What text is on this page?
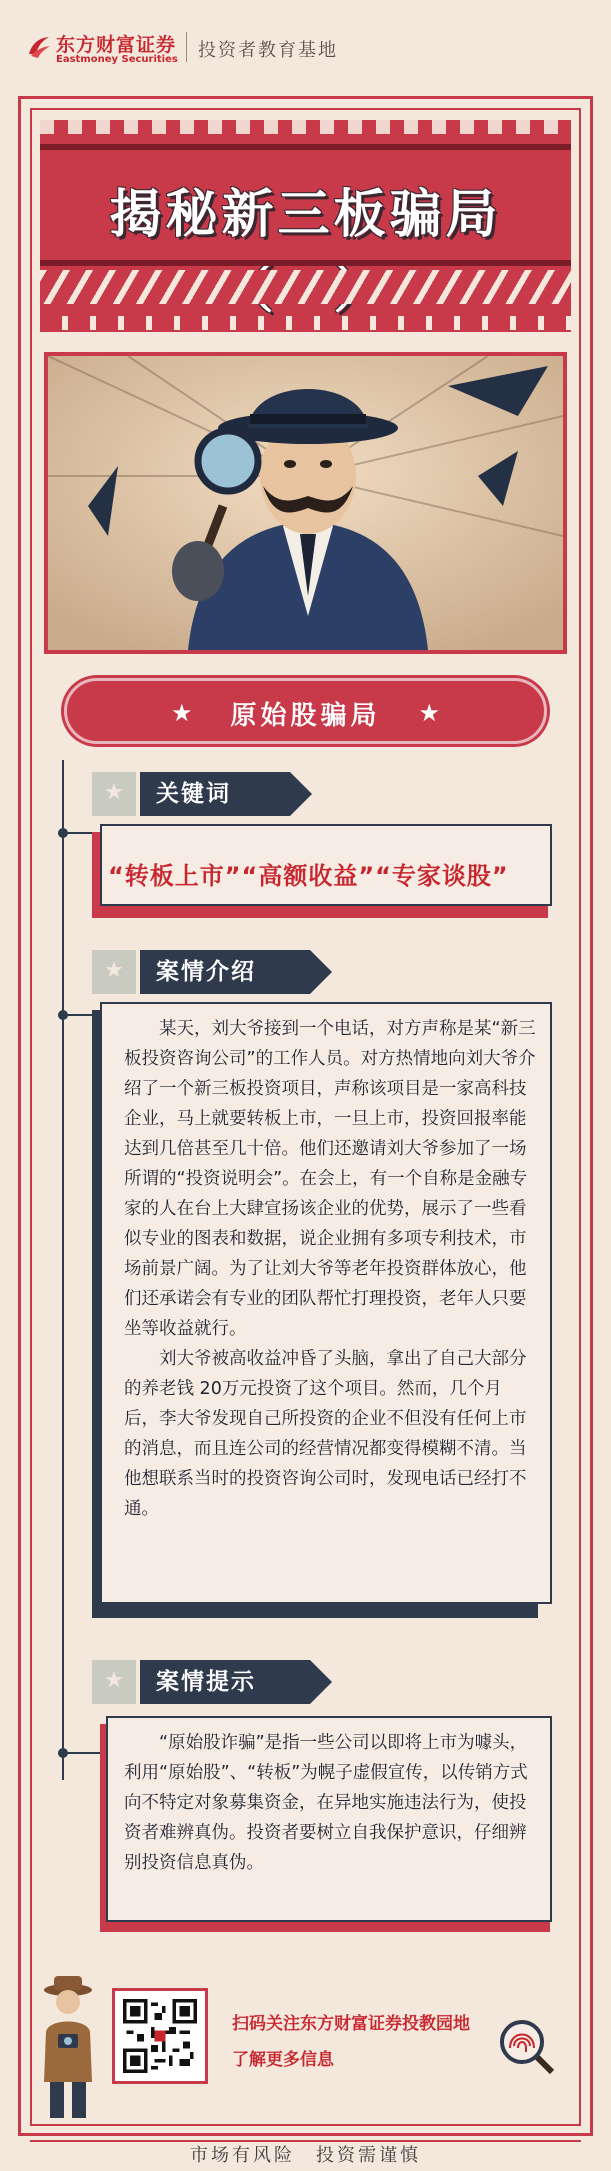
东方财富证券
Eastmoney Securities 投资者教育基地
揭秘新三板骗局
★	原始股骗局	★
★	关键词
“转板上市”“高额收益”“专家谈股”
★	案情介绍

某天，刘大爷接到一个电话，对方声称是某“新三板投资咨询公司”的工作人员。对方热情地向刘大爷介绍了一个新三板投资项目，声称该项目是一家高科技企业，马上就要转板上市，一旦上市，投资回报率能达到几倍甚至几十倍。他们还邀请刘大爷参加了一场所谓的“投资说明会”。在会上，有一个自称是金融专家的人在台上大肆宣扬该企业的优势，展示了一些看似专业的图表和数据，说企业拥有多项专利技术，市场前景广阔。为了让刘大爷等老年投资群体放心，他们还承诺会有专业的团队帮忙打理投资，老年人只要坐等收益就行。

刘大爷被高收益冲昏了头脑，拿出了自己大部分的养老钱 20万元投资了这个项目。然而，几个月后，李大爷发现自己所投资的企业不但没有任何上市的消息，而且连公司的经营情况都变得模糊不清。当他想联系当时的投资咨询公司时，发现电话已经打不通。

★	案情提示

“原始股诈骗”是指一些公司以即将上市为噱头，利用“原始股”、“转板”为幌子虚假宣传，以传销方式向不特定对象募集资金，在异地实施违法行为，使投资者难辨真伪。投资者要树立自我保护意识，仔细辨别投资信息真伪。

扫码关注东方财富证券投教园地
了解更多信息
市场有风险　投资需谨慎
